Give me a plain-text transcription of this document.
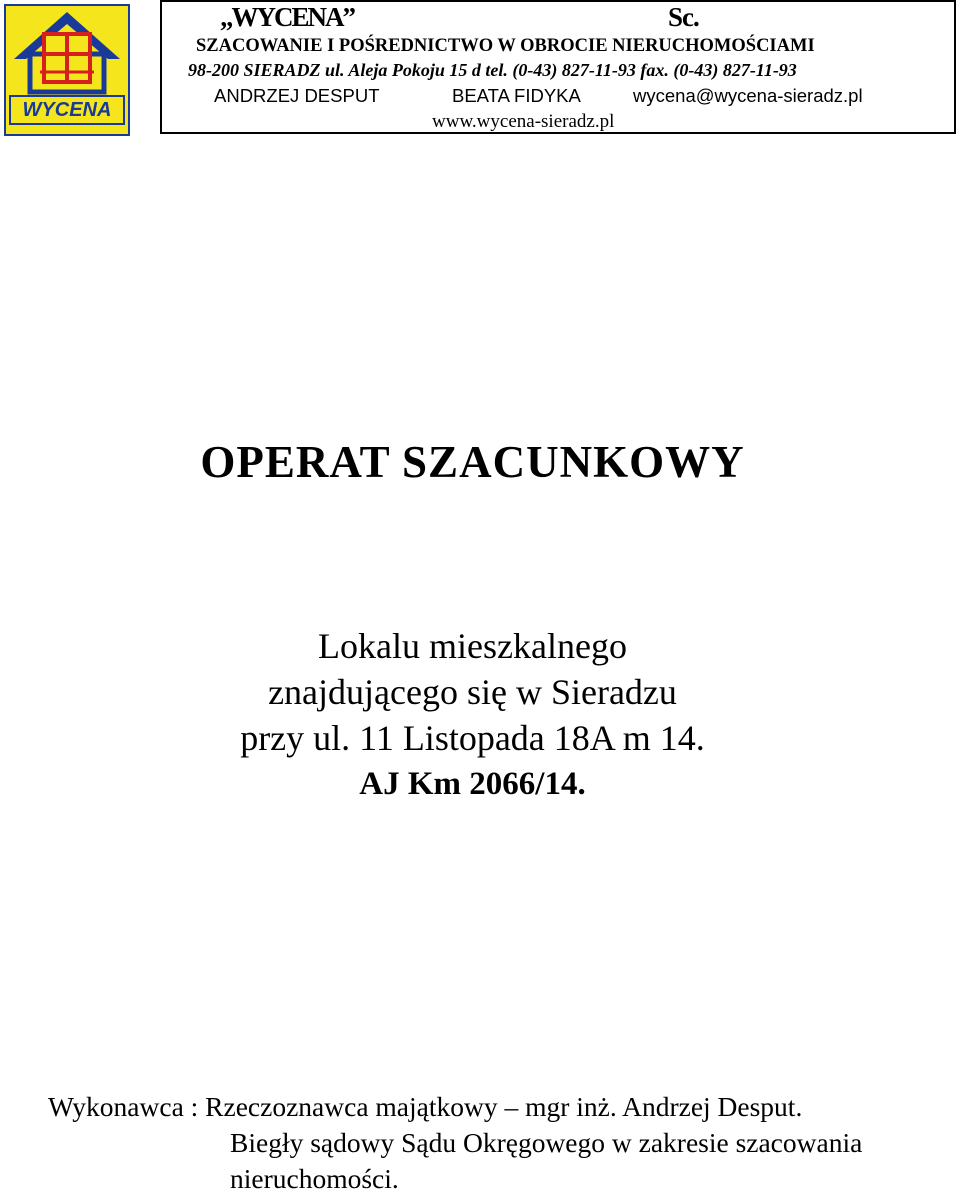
WYCENA
„WYCENA”	Sc.
SZACOWANIE I POŚREDNICTWO W OBROCIE NIERUCHOMOŚCIAMI
98-200 SIERADZ ul. Aleja Pokoju 15 d tel. (0-43) 827-11-93 fax. (0-43) 827-11-93
ANDRZEJ DESPUT	BEATA FIDYKA	wycena@wycena-sieradz.pl
www.wycena-sieradz.pl
OPERAT SZACUNKOWY
Lokalu mieszkalnego
znajdującego się w Sieradzu
przy ul. 11 Listopada 18A m 14.
AJ Km 2066/14.
Wykonawca : Rzeczoznawca majątkowy – mgr inż. Andrzej Desput.
Biegły sądowy Sądu Okręgowego w zakresie szacowania
nieruchomości.
